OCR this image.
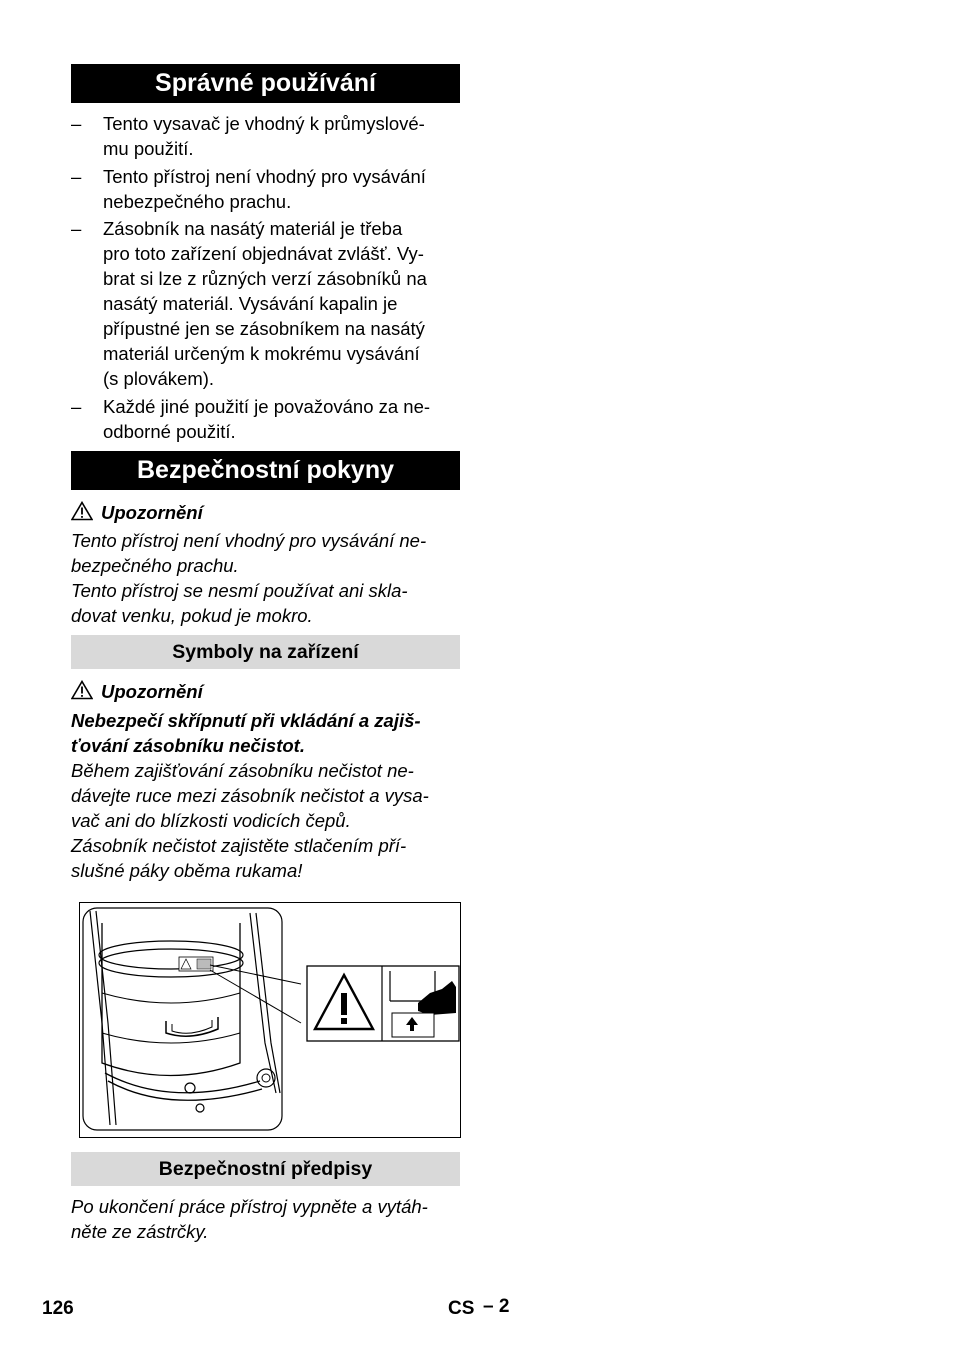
Správné používání
– Tento vysavač je vhodný k průmyslové-
mu použití.
– Tento přístroj není vhodný pro vysávání
nebezpečného prachu.
– Zásobník na nasátý materiál je třeba
pro toto zařízení objednávat zvlášť. Vy-
brat si lze z různých verzí zásobníků na
nasátý materiál. Vysávání kapalin je
přípustné jen se zásobníkem na nasátý
materiál určeným k mokrému vysávání
(s plovákem).
– Každé jiné použití je považováno za ne-
odborné použití.
Bezpečnostní pokyny
Upozornění
Tento přístroj není vhodný pro vysávání ne-
bezpečného prachu.
Tento přístroj se nesmí používat ani skla-
dovat venku, pokud je mokro.
Symboly na zařízení
Upozornění
Nebezpečí skřípnutí při vkládání a zajiš-
ťování zásobníku nečistot.
Během zajišťování zásobníku nečistot ne-
dávejte ruce mezi zásobník nečistot a vysa-
vač ani do blízkosti vodicích čepů.
Zásobník nečistot zajistěte stlačením pří-
slušné páky oběma rukama!
Bezpečnostní předpisy
Po ukončení práce přístroj vypněte a vytáh-
něte ze zástrčky.
126	CS – 2
